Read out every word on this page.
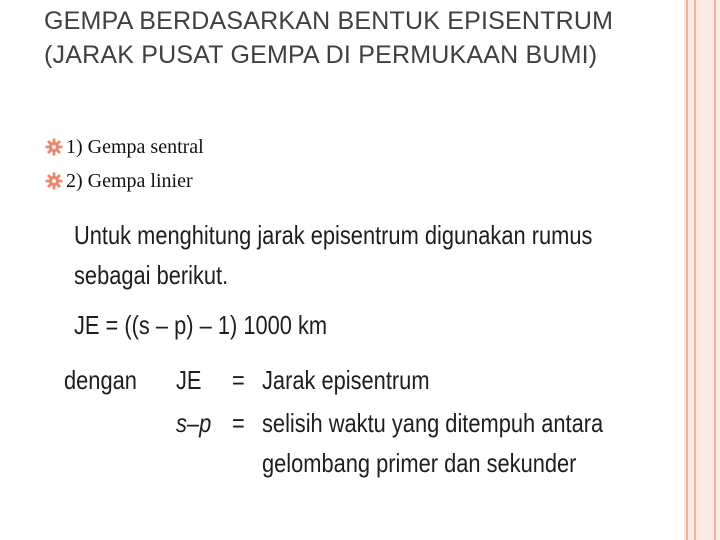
GEMPA BERDASARKAN BENTUK EPISENTRUM (JARAK PUSAT GEMPA DI PERMUKAAN BUMI)
1) Gempa sentral
2) Gempa linier
Untuk menghitung jarak episentrum digunakan rumus
sebagai berikut.
JE = ((s – p) – 1) 1000 km
dengan JE = Jarak episentrum
s–p = selisih waktu yang ditempuh antara
gelombang primer dan sekunder
